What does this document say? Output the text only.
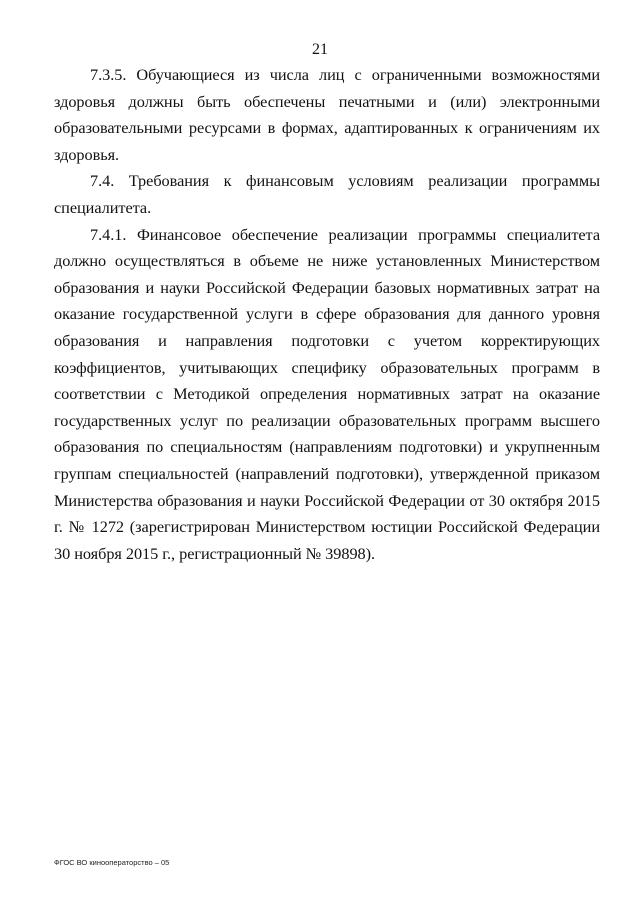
21

7.3.5. Обучающиеся из числа лиц с ограниченными возможностями здоровья должны быть обеспечены печатными и (или) электронными образовательными ресурсами в формах, адаптированных к ограничениям их здоровья.

7.4. Требования к финансовым условиям реализации программы специалитета.

7.4.1. Финансовое обеспечение реализации программы специалитета должно осуществляться в объеме не ниже установленных Министерством образования и науки Российской Федерации базовых нормативных затрат на оказание государственной услуги в сфере образования для данного уровня образования и направления подготовки с учетом корректирующих коэффициентов, учитывающих специфику образовательных программ в соответствии с Методикой определения нормативных затрат на оказание государственных услуг по реализации образовательных программ высшего образования по специальностям (направлениям подготовки) и укрупненным группам специальностей (направлений подготовки), утвержденной приказом Министерства образования и науки Российской Федерации от 30 октября 2015 г. № 1272 (зарегистрирован Министерством юстиции Российской Федерации 30 ноября 2015 г., регистрационный № 39898).

ФГОС ВО кинооператорство – 05
